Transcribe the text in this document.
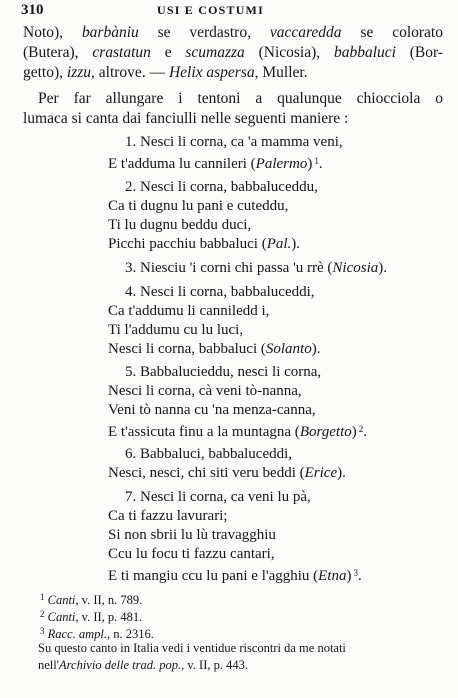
310	USI E COSTUMI
Noto), barbàniu se verdastro, vaccaredda se colorato
(Butera), crastatun e scumazza (Nicosia), babbaluci (Bor-
getto), izzu, altrove. — Helix aspersa, Muller.
Per far allungare i tentoni a qualunque chiocciola o
lumaca si canta dai fanciulli nelle seguenti maniere :
1. Nesci li corna, ca 'a mamma veni,
E t'adduma lu cannileri (Palermo) $^1$.
2. Nesci li corna, babbaluceddu,
Ca ti dugnu lu pani e cuteddu,
Ti lu dugnu beddu duci,
Picchi pacchiu babbaluci (Pal.).
3. Niesciu 'i corni chi passa 'u rrè (Nicosia).
4. Nesci li corna, babbaluceddi,
Ca t'addumu li canniledd i,
Ti l'addumu cu lu luci,
Nesci li corna, babbaluci (Solanto).
5. Babbalucieddu, nesci li corna,
Nesci li corna, cà veni tò-nanna,
Veni tò nanna cu 'na menza-canna,
E t'assicuta finu a la muntagna (Borgetto) $^2$.
6. Babbaluci, babbaluceddi,
Nesci, nesci, chi siti veru beddi (Erice).
7. Nesci li corna, ca veni lu pà,
Ca ti fazzu lavurari;
Si non sbrii lu lù travagghiu
Ccu lu focu ti fazzu cantari,
E ti mangiu ccu lu pani e l'agghiu (Etna) $^3$.
$^1$ Canti, v. II, n. 789.
$^2$ Canti, v. II, p. 481.
$^3$ Racc. ampl., n. 2316.
Su questo canto in Italia vedi i ventidue riscontri da me notati
nell'Archivio delle trad. pop., v. II, p. 443.
